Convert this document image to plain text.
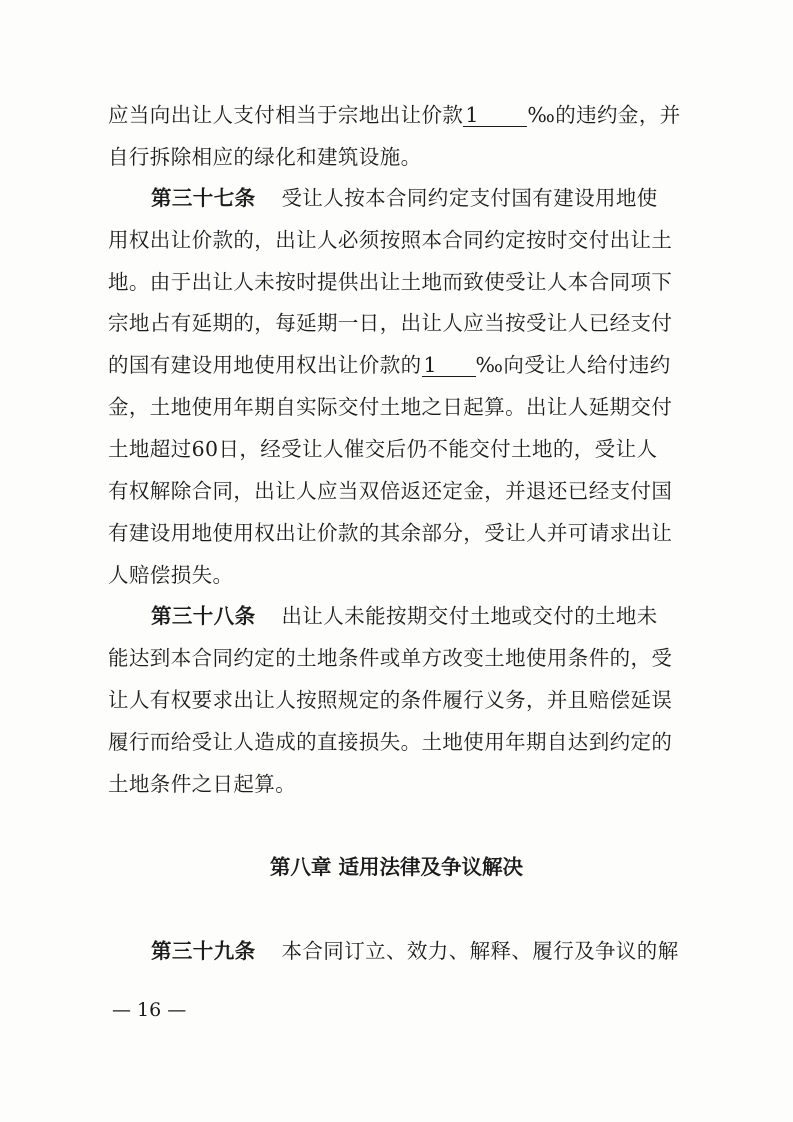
应当向出让人支付相当于宗地出让价款1 ‰的违约金，并
自行拆除相应的绿化和建筑设施。
第三十七条 受让人按本合同约定支付国有建设用地使
用权出让价款的，出让人必须按照本合同约定按时交付出让土
地。由于出让人未按时提供出让土地而致使受让人本合同项下
宗地占有延期的，每延期一日，出让人应当按受让人已经支付
的国有建设用地使用权出让价款的1 ‰向受让人给付违约
金，土地使用年期自实际交付土地之日起算。出让人延期交付
土地超过60日，经受让人催交后仍不能交付土地的，受让人
有权解除合同，出让人应当双倍返还定金，并退还已经支付国
有建设用地使用权出让价款的其余部分，受让人并可请求出让
人赔偿损失。
第三十八条 出让人未能按期交付土地或交付的土地未
能达到本合同约定的土地条件或单方改变土地使用条件的，受
让人有权要求出让人按照规定的条件履行义务，并且赔偿延误
履行而给受让人造成的直接损失。土地使用年期自达到约定的
土地条件之日起算。
第八章 适用法律及争议解决
第三十九条 本合同订立、效力、解释、履行及争议的解
— 16 —
